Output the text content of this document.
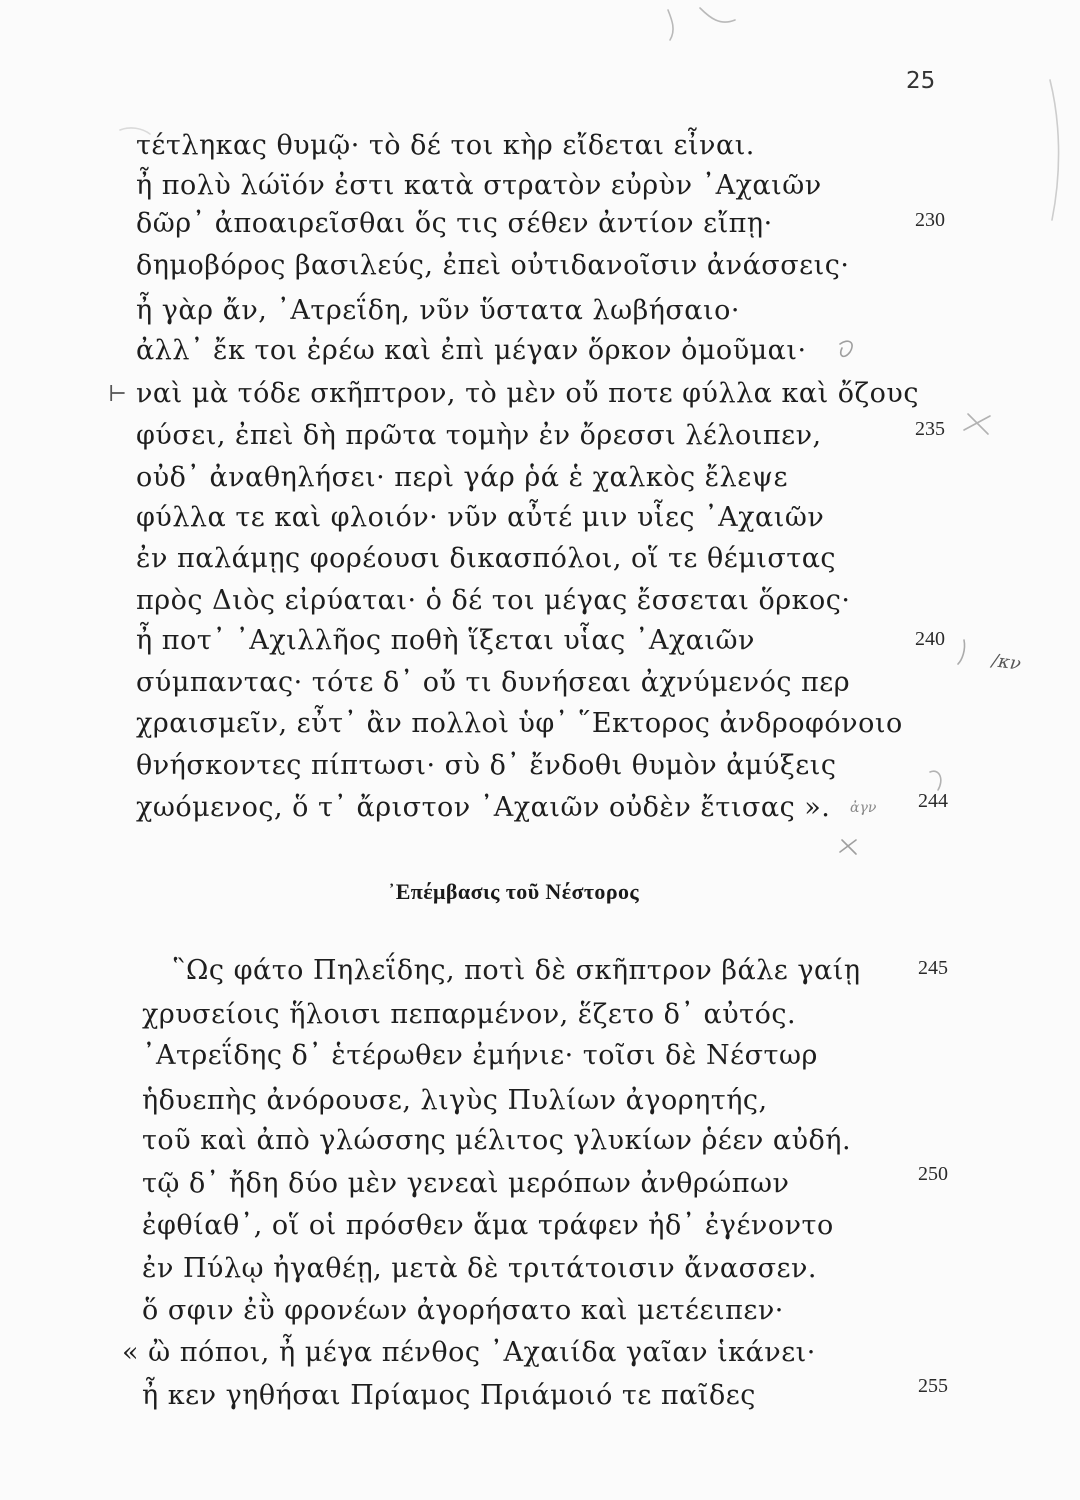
25
τέτληκας θυμῷ· τὸ δέ τοι κὴρ εἴδεται εἶναι.
ἦ πολὺ λώϊόν ἐστι κατὰ στρατὸν εὐρὺν ᾿Αχαιῶν
δῶρ᾿ ἀποαιρεῖσθαι ὅς τις σέθεν ἀντίον εἴπῃ·
δημοβόρος βασιλεύς, ἐπεὶ οὐτιδανοῖσιν ἀνάσσεις·
ἦ γὰρ ἄν, ᾿Ατρεΐδη, νῦν ὕστατα λωβήσαιο·
ἀλλ᾿ ἔκ τοι ἐρέω καὶ ἐπὶ μέγαν ὅρκον ὀμοῦμαι·
ναὶ μὰ τόδε σκῆπτρον, τὸ μὲν οὔ ποτε φύλλα καὶ ὄζους
φύσει, ἐπεὶ δὴ πρῶτα τομὴν ἐν ὄρεσσι λέλοιπεν,
οὐδ᾿ ἀναθηλήσει· περὶ γάρ ῥά ἑ χαλκὸς ἔλεψε
φύλλα τε καὶ φλοιόν· νῦν αὖτέ μιν υἷες ᾿Αχαιῶν
ἐν παλάμῃς φορέουσι δικασπόλοι, οἵ τε θέμιστας
πρὸς Διὸς εἰρύαται· ὁ δέ τοι μέγας ἔσσεται ὅρκος·
ἦ ποτ᾿ ᾿Αχιλλῆος ποθὴ ἵξεται υἷας ᾿Αχαιῶν
σύμπαντας· τότε δ᾿ οὔ τι δυνήσεαι ἀχνύμενός περ
χραισμεῖν, εὖτ᾿ ἂν πολλοὶ ὑφ᾿ ῞Εκτορος ἀνδροφόνοιο
θνήσκοντες πίπτωσι· σὺ δ᾿ ἔνδοθι θυμὸν ἀμύξεις
χωόμενος, ὅ τ᾿ ἄριστον ᾿Αχαιῶν οὐδὲν ἔτισας ».
230
235
240
244
᾿Επέμβασις τοῦ Νέστορος
῝Ως φάτο Πηλεΐδης, ποτὶ δὲ σκῆπτρον βάλε γαίῃ
χρυσείοις ἥλοισι πεπαρμένον, ἕζετο δ᾿ αὐτός.
᾿Ατρεΐδης δ᾿ ἑτέρωθεν ἐμήνιε· τοῖσι δὲ Νέστωρ
ἡδυεπὴς ἀνόρουσε, λιγὺς Πυλίων ἀγορητής,
τοῦ καὶ ἀπὸ γλώσσης μέλιτος γλυκίων ῥέεν αὐδή.
τῷ δ᾿ ἤδη δύο μὲν γενεαὶ μερόπων ἀνθρώπων
ἐφθίαθ᾿, οἵ οἱ πρόσθεν ἅμα τράφεν ἠδ᾿ ἐγένοντο
ἐν Πύλῳ ἠγαθέῃ, μετὰ δὲ τριτάτοισιν ἄνασσεν.
ὅ σφιν ἐῢ φρονέων ἀγορήσατο καὶ μετέειπεν·
« ὢ πόποι, ἦ μέγα πένθος ᾿Αχαιίδα γαῖαν ἱκάνει·
ἦ κεν γηθήσαι Πρίαμος Πριάμοιό τε παῖδες
245
250
255
⊢
/κν
ἀγν
